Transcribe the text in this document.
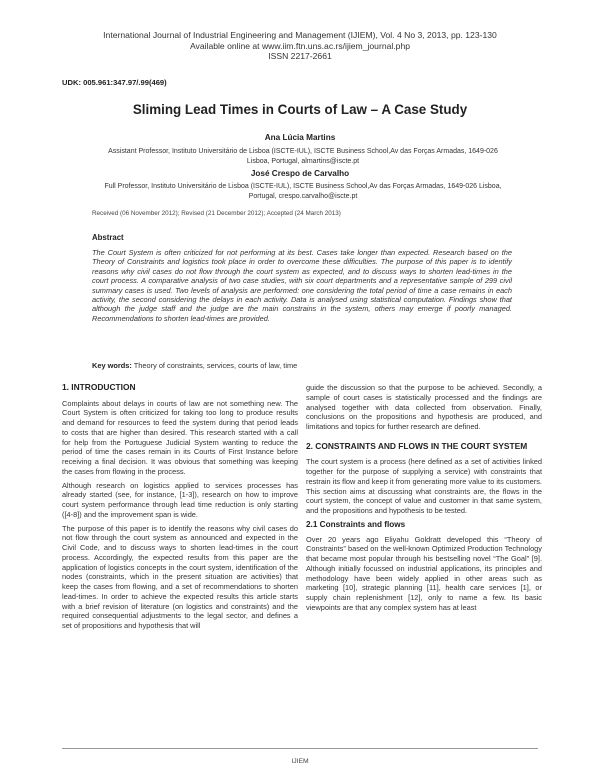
International Journal of Industrial Engineering and Management (IJIEM), Vol. 4 No 3, 2013, pp. 123-130
Available online at www.iim.ftn.uns.ac.rs/ijiem_journal.php
ISSN 2217-2661
UDK: 005.961:347.97/.99(469)
Sliming Lead Times in Courts of Law – A Case Study
Ana Lúcia Martins
Assistant Professor, Instituto Universitário de Lisboa (ISCTE-IUL), ISCTE Business School,Av das Forças Armadas, 1649-026 Lisboa, Portugal, almartins@iscte.pt
José Crespo de Carvalho
Full Professor, Instituto Universitário de Lisboa (ISCTE-IUL), ISCTE Business School,Av das Forças Armadas, 1649-026 Lisboa, Portugal, crespo.carvalho@iscte.pt
Received (06 November 2012); Revised (21 December 2012); Accepted (24 March 2013)
Abstract
The Court System is often criticized for not performing at its best. Cases take longer than expected. Research based on the Theory of Constraints and logistics took place in order to overcome these difficulties. The purpose of this paper is to identify reasons why civil cases do not flow through the court system as expected, and to discuss ways to shorten lead-times in the court process. A comparative analysis of two case studies, with six court departments and a representative sample of 299 civil summary cases is used. Two levels of analysis are performed: one considering the total period of time a case remains in each activity, the second considering the delays in each activity. Data is analysed using statistical computation. Findings show that although the judge staff and the judge are the main constrains in the system, others may emerge if poorly managed. Recommendations to shorten lead-times are provided.
Key words: Theory of constraints, services, courts of law, time
1. INTRODUCTION

Complaints about delays in courts of law are not something new. The Court System is often criticized for taking too long to produce results and demand for resources to feed the system during that period leads to costs that are higher than desired. This research started with a call for help from the Portuguese Judicial System wanting to reduce the period of time the cases remain in its Courts of First Instance before receiving a final decision. It was obvious that something was keeping the cases from flowing in the process.

Although research on logistics applied to services processes has already started (see, for instance, [1-3]), research on how to improve court system performance through lead time reduction is only starting ([4-8]) and the improvement span is wide.

The purpose of this paper is to identify the reasons why civil cases do not flow through the court system as announced and expected in the Civil Code, and to discuss ways to shorten lead-times in the court process. Accordingly, the expected results from this paper are the application of logistics concepts in the court system, identification of the nodes (constraints, which in the present situation are activities) that keep the cases from flowing, and a set of recommendations to shorten lead-times. In order to achieve the expected results this article starts with a brief revision of literature (on logistics and constraints) and the required consequential adjustments to the legal sector, and defines a set of propositions and hypothesis that will

guide the discussion so that the purpose to be achieved. Secondly, a sample of court cases is statistically processed and the findings are analysed together with data collected from observation. Finally, conclusions on the propositions and hypothesis are produced, and limitations and topics for further research are defined.

2. CONSTRAINTS AND FLOWS IN THE COURT SYSTEM

The court system is a process (here defined as a set of activities linked together for the purpose of supplying a service) with constraints that restrain its flow and keep it from generating more value to its customers. This section aims at discussing what constraints are, the flows in the court system, the concept of value and customer in that same system, and the propositions and hypothesis to be tested.

2.1 Constraints and flows

Over 20 years ago Eliyahu Goldratt developed this “Theory of Constraints” based on the well-known Optimized Production Technology that became most popular through his bestselling novel “The Goal” [9]. Although initially focussed on industrial applications, its principles and methodology have been widely applied in other areas such as marketing [10], strategic planning [11], health care services [1], or supply chain replenishment [12], only to name a few. Its basic viewpoints are that any complex system has at least

IJIEM
